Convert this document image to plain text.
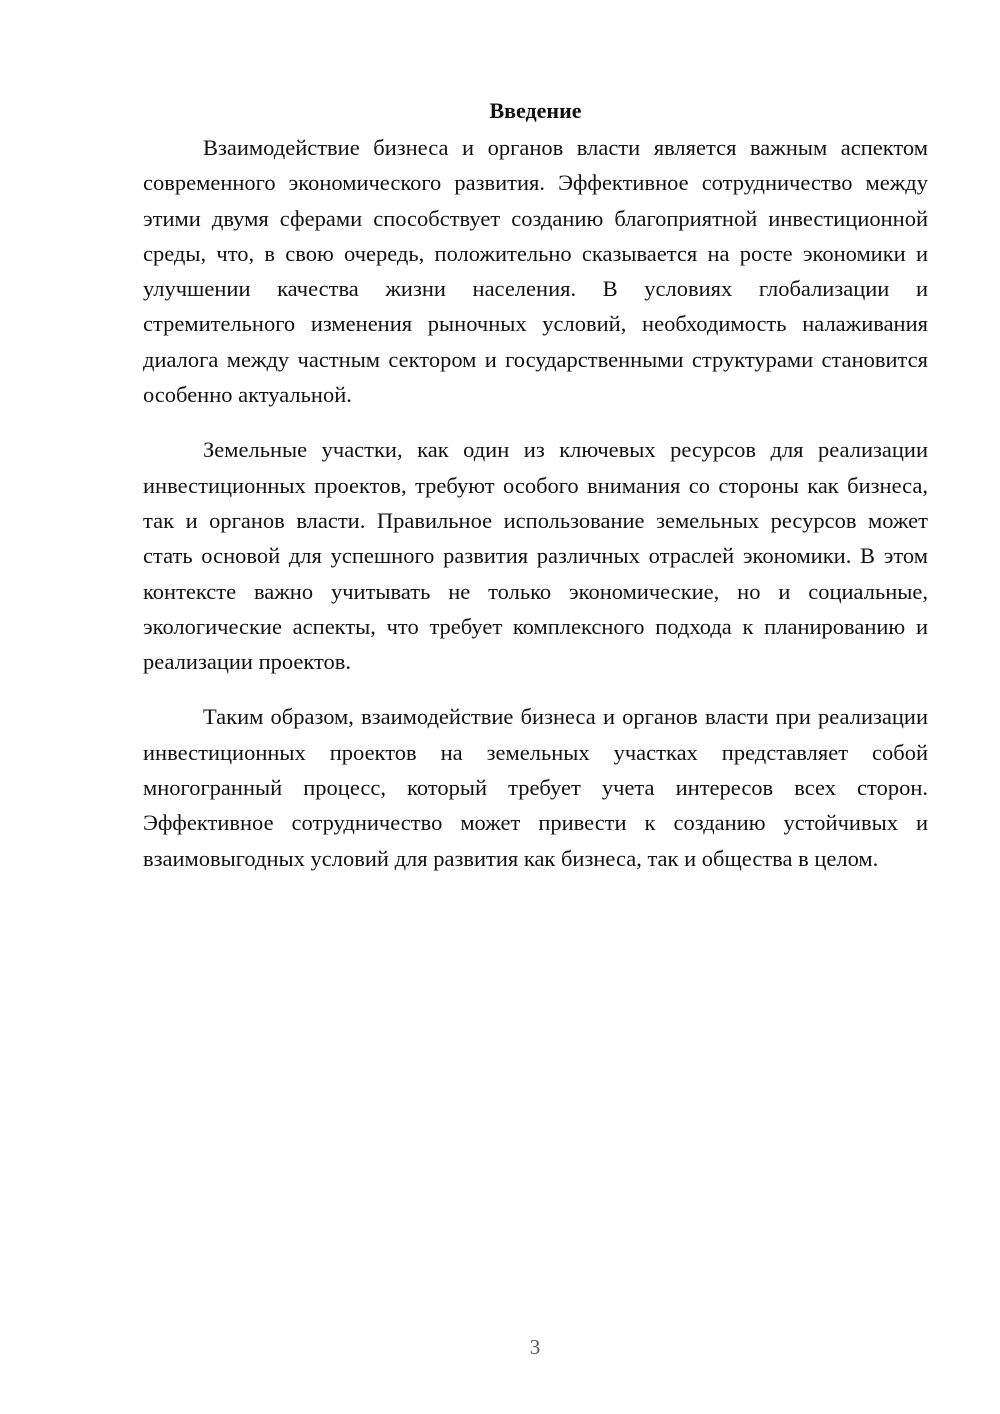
Введение

Взаимодействие бизнеса и органов власти является важным аспектом современного экономического развития. Эффективное сотрудничество между этими двумя сферами способствует созданию благоприятной инвестиционной среды, что, в свою очередь, положительно сказывается на росте экономики и улучшении качества жизни населения. В условиях глобализации и стремительного изменения рыночных условий, необходимость налаживания диалога между частным сектором и государственными структурами становится особенно актуальной.

Земельные участки, как один из ключевых ресурсов для реализации инвестиционных проектов, требуют особого внимания со стороны как бизнеса, так и органов власти. Правильное использование земельных ресурсов может стать основой для успешного развития различных отраслей экономики. В этом контексте важно учитывать не только экономические, но и социальные, экологические аспекты, что требует комплексного подхода к планированию и реализации проектов.

Таким образом, взаимодействие бизнеса и органов власти при реализации инвестиционных проектов на земельных участках представляет собой многогранный процесс, который требует учета интересов всех сторон. Эффективное сотрудничество может привести к созданию устойчивых и взаимовыгодных условий для развития как бизнеса, так и общества в целом.

3
